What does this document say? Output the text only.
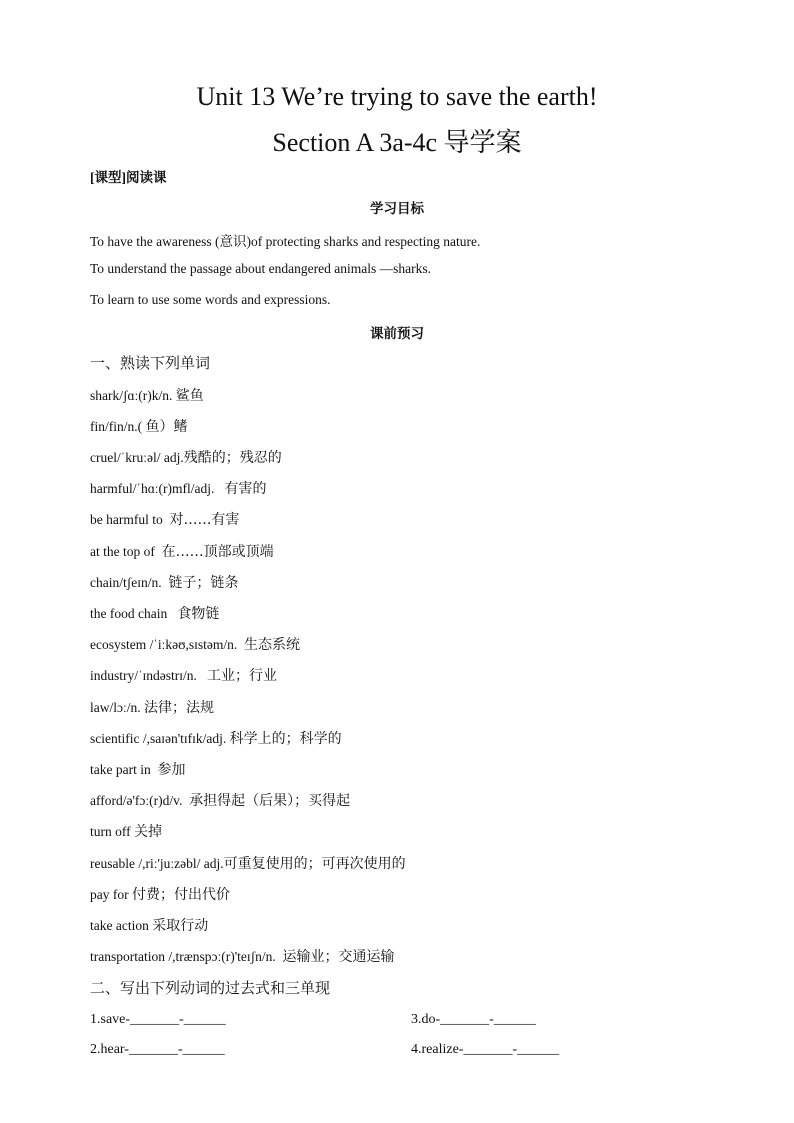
Unit 13 We’re trying to save the earth!
Section A 3a-4c 导学案
[课型]阅读课
学习目标
To have the awareness (意识)of protecting sharks and respecting nature.
To understand the passage about endangered animals —sharks.
To learn to use some words and expressions.
课前预习
一、熟读下列单词
shark/ʃɑː(r)k/n. 鲨鱼
fin/fin/n.( 鱼）鳍
cruel/ˈkruːəl/ adj.残酷的；残忍的
harmful/ˈhɑː(r)mfl/adj. 有害的
be harmful to 对……有害
at the top of 在……顶部或顶端
chain/tʃeɪn/n. 链子；链条
the food chain 食物链
ecosystem /ˈiːkəʊ,sɪstəm/n. 生态系统
industry/ˈɪndəstrɪ/n. 工业；行业
law/lɔː/n. 法律；法规
scientific /,saɪən'tɪfɪk/adj. 科学上的；科学的
take part in 参加
afford/ə'fɔː(r)d/v. 承担得起（后果）；买得起
turn off 关掉
reusable /,riː'juːzəbl/ adj.可重复使用的；可再次使用的
pay for 付费；付出代价
take action 采取行动
transportation /,trænspɔː(r)'teɪʃn/n. 运输业；交通运输
二、写出下列动词的过去式和三单现
1.save-_______-______	3.do-_______-______
2.hear-_______-______	4.realize-_______-______
